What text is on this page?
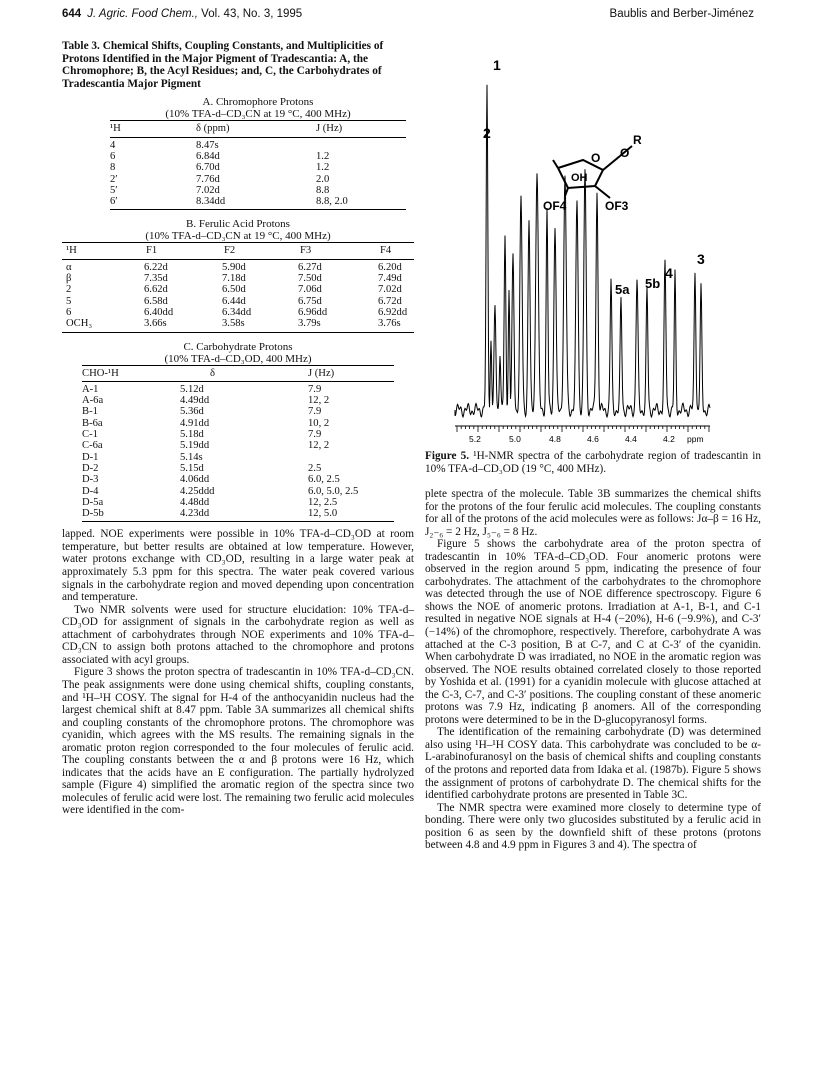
644 J. Agric. Food Chem., Vol. 43, No. 3, 1995	Baublis and Berber-Jiménez
Table 3. Chemical Shifts, Coupling Constants, and Multiplicities of Protons Identified in the Major Pigment of Tradescantia: A, the Chromophore; B, the Acyl Residues; and, C, the Carbohydrates of Tradescantia Major Pigment
A. Chromophore Protons
(10% TFA-d–CD₃CN at 19 °C, 400 MHz)
¹H	δ (ppm)	J (Hz)
4	8.47s	
6	6.84d	1.2
8	6.70d	1.2
2′	7.76d	2.0
5′	7.02d	8.8
6′	8.34dd	8.8, 2.0
B. Ferulic Acid Protons
(10% TFA-d–CD₃CN at 19 °C, 400 MHz)
¹H	F1	F2	F3	F4
α	6.22d	5.90d	6.27d	6.20d
β	7.35d	7.18d	7.50d	7.49d
2	6.62d	6.50d	7.06d	7.02d
5	6.58d	6.44d	6.75d	6.72d
6	6.40dd	6.34dd	6.96dd	6.92dd
OCH₃	3.66s	3.58s	3.79s	3.76s
C. Carbohydrate Protons
(10% TFA-d–CD₃OD, 400 MHz)
CHO-¹H	δ	J (Hz)
A-1	5.12d	7.9
A-6a	4.49dd	12, 2
B-1	5.36d	7.9
B-6a	4.91dd	10, 2
C-1	5.18d	7.9
C-6a	5.19dd	12, 2
D-1	5.14s	
D-2	5.15d	2.5
D-3	4.06dd	6.0, 2.5
D-4	4.25ddd	6.0, 5.0, 2.5
D-5a	4.48dd	12, 2.5
D-5b	4.23dd	12, 5.0

lapped. NOE experiments were possible in 10% TFA-d–CD₃OD at room temperature, but better results are obtained at low temperature. However, water protons exchange with CD₃OD, resulting in a large water peak at approximately 5.3 ppm for this spectra. The water peak covered various signals in the carbohydrate region and moved depending upon concentration and temperature.

Two NMR solvents were used for structure elucidation: 10% TFA-d–CD₃OD for assignment of signals in the carbohydrate region as well as attachment of carbohydrates through NOE experiments and 10% TFA-d–CD₃CN to assign both protons attached to the chromophore and protons associated with acyl groups.

Figure 3 shows the proton spectra of tradescantin in 10% TFA-d–CD₃CN. The peak assignments were done using chemical shifts, coupling constants, and ¹H–¹H COSY. The signal for H-4 of the anthocyanidin nucleus had the largest chemical shift at 8.47 ppm. Table 3A summarizes all chemical shifts and coupling constants of the chromophore protons. The chromophore was cyanidin, which agrees with the MS results. The remaining signals in the aromatic proton region corresponded to the four molecules of ferulic acid. The coupling constants between the α and β protons were 16 Hz, which indicates that the acids have an E configuration. The partially hydrolyzed sample (Figure 4) simplified the aromatic region of the spectra since two molecules of ferulic acid were lost. The remaining two ferulic acid molecules were identified in the com-

1
2
3
4
5a 5b
O O
R
OH
OF4	OF3
5.2	5.0	4.8	4.6	4.4	4.2 ppm
Figure 5. ¹H-NMR spectra of the carbohydrate region of tradescantin in 10% TFA-d–CD₃OD (19 °C, 400 MHz).

plete spectra of the molecule. Table 3B summarizes the chemical shifts for the protons of the four ferulic acid molecules. The coupling constants for all of the protons of the acid molecules were as follows: Jα–β = 16 Hz, J₂₋₆ = 2 Hz, J₅₋₆ = 8 Hz.

Figure 5 shows the carbohydrate area of the proton spectra of tradescantin in 10% TFA-d–CD₃OD. Four anomeric protons were observed in the region around 5 ppm, indicating the presence of four carbohydrates. The attachment of the carbohydrates to the chromophore was detected through the use of NOE difference spectroscopy. Figure 6 shows the NOE of anomeric protons. Irradiation at A-1, B-1, and C-1 resulted in negative NOE signals at H-4 (−20%), H-6 (−9.9%), and C-3′ (−14%) of the chromophore, respectively. Therefore, carbohydrate A was attached at the C-3 position, B at C-7, and C at C-3′ of the cyanidin. When carbohydrate D was irradiated, no NOE in the aromatic region was observed. The NOE results obtained correlated closely to those reported by Yoshida et al. (1991) for a cyanidin molecule with glucose attached at the C-3, C-7, and C-3′ positions. The coupling constant of these anomeric protons was 7.9 Hz, indicating β anomers. All of the corresponding protons were determined to be in the D-glucopyranosyl forms.

The identification of the remaining carbohydrate (D) was determined also using ¹H–¹H COSY data. This carbohydrate was concluded to be α-L-arabinofuranosyl on the basis of chemical shifts and coupling constants of the protons and reported data from Idaka et al. (1987b). Figure 5 shows the assignment of protons of carbohydrate D. The chemical shifts for the identified carbohydrate protons are presented in Table 3C.

The NMR spectra were examined more closely to determine type of bonding. There were only two glucosides substituted by a ferulic acid in position 6 as seen by the downfield shift of these protons (protons between 4.8 and 4.9 ppm in Figures 3 and 4). The spectra of
